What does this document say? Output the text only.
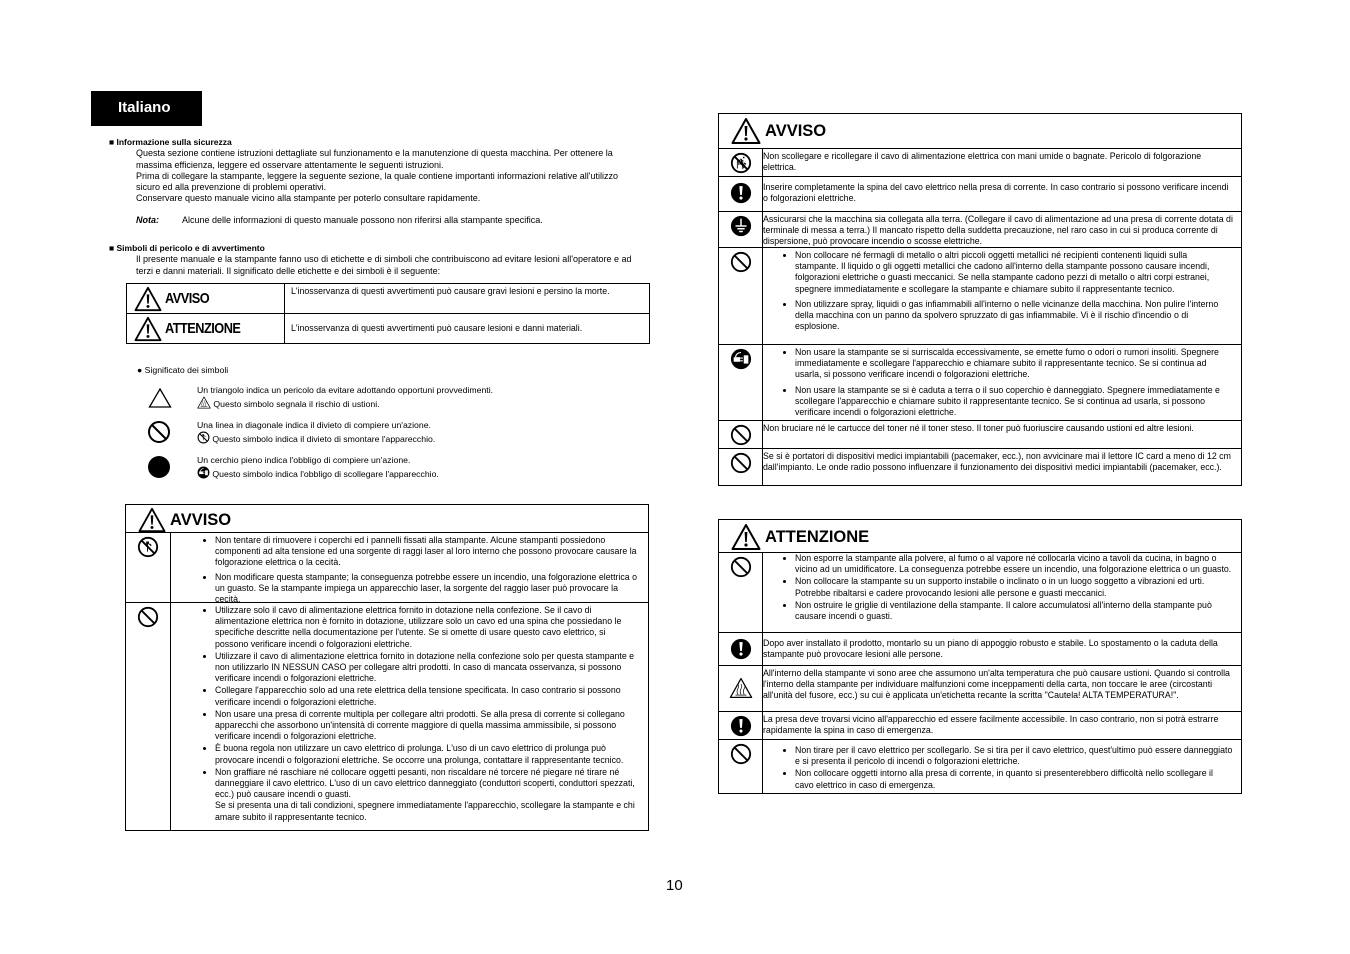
Italiano
■ Informazione sulla sicurezza
Questa sezione contiene istruzioni dettagliate sul funzionamento e la manutenzione di questa macchina. Per ottenere la
massima efficienza, leggere ed osservare attentamente le seguenti istruzioni.
Prima di collegare la stampante, leggere la seguente sezione, la quale contiene importanti informazioni relative all'utilizzo
sicuro ed alla prevenzione di problemi operativi.
Conservare questo manuale vicino alla stampante per poterlo consultare rapidamente.
Nota:	Alcune delle informazioni di questo manuale possono non riferirsi alla stampante specifica.
■ Simboli di pericolo e di avvertimento
Il presente manuale e la stampante fanno uso di etichette e di simboli che contribuiscono ad evitare lesioni all'operatore e ad
terzi e danni materiali. Il significato delle etichette e dei simboli è il seguente:
AVVISO	L'inosservanza di questi avvertimenti può causare gravi lesioni e persino la morte.
ATTENZIONE	L'inosservanza di questi avvertimenti può causare lesioni e danni materiali.
● Significato dei simboli
Un triangolo indica un pericolo da evitare adottando opportuni provvedimenti.
Questo simbolo segnala il rischio di ustioni.
Una linea in diagonale indica il divieto di compiere un'azione.
Questo simbolo indica il divieto di smontare l'apparecchio.
Un cerchio pieno indica l'obbligo di compiere un'azione.
Questo simbolo indica l'obbligo di scollegare l'apparecchio.
AVVISO
• Non tentare di rimuovere i coperchi ed i pannelli fissati alla stampante. Alcune stampanti possiedono componenti ad alta tensione ed una sorgente di raggi laser al loro interno che possono provocare causare la folgorazione elettrica o la cecità.
• Non modificare questa stampante; la conseguenza potrebbe essere un incendio, una folgorazione elettrica o un guasto. Se la stampante impiega un apparecchio laser, la sorgente del raggio laser può provocare la cecità.
• Utilizzare solo il cavo di alimentazione elettrica fornito in dotazione nella confezione. Se il cavo di alimentazione elettrica non è fornito in dotazione, utilizzare solo un cavo ed una spina che possiedano le specifiche descritte nella documentazione per l'utente. Se si omette di usare questo cavo elettrico, si possono verificare incendi o folgorazioni elettriche.
• Utilizzare il cavo di alimentazione elettrica fornito in dotazione nella confezione solo per questa stampante e non utilizzarlo IN NESSUN CASO per collegare altri prodotti. In caso di mancata osservanza, si possono verificare incendi o folgorazioni elettriche.
• Collegare l'apparecchio solo ad una rete elettrica della tensione specificata. In caso contrario si possono verificare incendi o folgorazioni elettriche.
• Non usare una presa di corrente multipla per collegare altri prodotti. Se alla presa di corrente si collegano apparecchi che assorbono un'intensità di corrente maggiore di quella massima ammissibile, si possono verificare incendi o folgorazioni elettriche.
• È buona regola non utilizzare un cavo elettrico di prolunga. L'uso di un cavo elettrico di prolunga può provocare incendi o folgorazioni elettriche. Se occorre una prolunga, contattare il rappresentante tecnico.
• Non graffiare né raschiare né collocare oggetti pesanti, non riscaldare né torcere né piegare né tirare né danneggiare il cavo elettrico. L'uso di un cavo elettrico danneggiato (conduttori scoperti, conduttori spezzati, ecc.) può causare incendi o guasti.

Se si presenta una di tali condizioni, spegnere immediatamente l'apparecchio, scollegare la stampante e chi amare subito il rappresentante tecnico.

AVVISO
Non scollegare e ricollegare il cavo di alimentazione elettrica con mani umide o bagnate. Pericolo di folgorazione elettrica.
Inserire completamente la spina del cavo elettrico nella presa di corrente. In caso contrario si possono verificare incendi o folgorazioni elettriche.
Assicurarsi che la macchina sia collegata alla terra. (Collegare il cavo di alimentazione ad una presa di corrente dotata di terminale di messa a terra.) Il mancato rispetto della suddetta precauzione, nel raro caso in cui si produca corrente di dispersione, può provocare incendio o scosse elettriche.
• Non collocare né fermagli di metallo o altri piccoli oggetti metallici né recipienti contenenti liquidi sulla stampante. Il liquido o gli oggetti metallici che cadono all'interno della stampante possono causare incendi, folgorazioni elettriche o guasti meccanici. Se nella stampante cadono pezzi di metallo o altri corpi estranei, spegnere immediatamente e scollegare la stampante e chiamare subito il rappresentante tecnico.
• Non utilizzare spray, liquidi o gas infiammabili all'interno o nelle vicinanze della macchina. Non pulire l'interno della macchina con un panno da spolvero spruzzato di gas infiammabile. Vi è il rischio d'incendio o di esplosione.
• Non usare la stampante se si surriscalda eccessivamente, se emette fumo o odori o rumori insoliti. Spegnere immediatamente e scollegare l'apparecchio e chiamare subito il rappresentante tecnico. Se si continua ad usarla, si possono verificare incendi o folgorazioni elettriche.
• Non usare la stampante se si è caduta a terra o il suo coperchio è danneggiato. Spegnere immediatamente e scollegare l'apparecchio e chiamare subito il rappresentante tecnico. Se si continua ad usarla, si possono verificare incendi o folgorazioni elettriche.
Non bruciare né le cartucce del toner né il toner steso. Il toner può fuoriuscire causando ustioni ed altre lesioni.
Se si è portatori di dispositivi medici impiantabili (pacemaker, ecc.), non avvicinare mai il lettore IC card a meno di 12 cm dall'impianto. Le onde radio possono influenzare il funzionamento dei dispositivi medici impiantabili (pacemaker, ecc.).
ATTENZIONE
• Non esporre la stampante alla polvere, al fumo o al vapore né collocarla vicino a tavoli da cucina, in bagno o vicino ad un umidificatore. La conseguenza potrebbe essere un incendio, una folgorazione elettrica o un guasto.
• Non collocare la stampante su un supporto instabile o inclinato o in un luogo soggetto a vibrazioni ed urti. Potrebbe ribaltarsi e cadere provocando lesioni alle persone e guasti meccanici.
• Non ostruire le griglie di ventilazione della stampante. Il calore accumulatosi all'interno della stampante può causare incendi o guasti.
Dopo aver installato il prodotto, montarlo su un piano di appoggio robusto e stabile. Lo spostamento o la caduta della stampante può provocare lesioni alle persone.
All'interno della stampante vi sono aree che assumono un'alta temperatura che può causare ustioni. Quando si controlla l'interno della stampante per individuare malfunzioni come inceppamenti della carta, non toccare le aree (circostanti all'unità del fusore, ecc.) su cui è applicata un'etichetta recante la scritta "Cautela! ALTA TEMPERATURA!".
La presa deve trovarsi vicino all'apparecchio ed essere facilmente accessibile. In caso contrario, non si potrà estrarre rapidamente la spina in caso di emergenza.
• Non tirare per il cavo elettrico per scollegarlo. Se si tira per il cavo elettrico, quest'ultimo può essere danneggiato e si presenta il pericolo di incendi o folgorazioni elettriche.
• Non collocare oggetti intorno alla presa di corrente, in quanto si presenterebbero difficoltà nello scollegare il cavo elettrico in caso di emergenza.
10
